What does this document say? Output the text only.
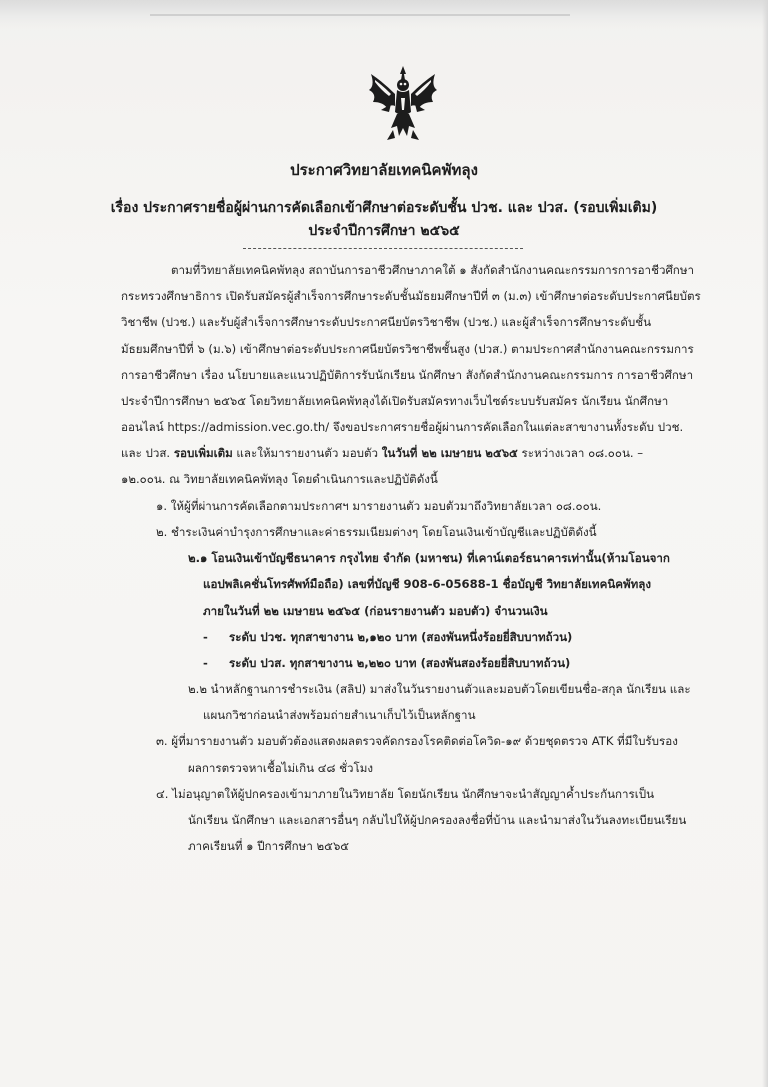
ประกาศวิทยาลัยเทคนิคพัทลุง

เรื่อง ประกาศรายชื่อผู้ผ่านการคัดเลือกเข้าศึกษาต่อระดับชั้น ปวช. และ ปวส. (รอบเพิ่มเติม)

ประจำปีการศึกษา ๒๕๖๕

ตามที่วิทยาลัยเทคนิคพัทลุง สถาบันการอาชีวศึกษาภาคใต้ ๑ สังกัดสำนักงานคณะกรรมการการอาชีวศึกษา

กระทรวงศึกษาธิการ เปิดรับสมัครผู้สำเร็จการศึกษาระดับชั้นมัธยมศึกษาปีที่ ๓ (ม.๓) เข้าศึกษาต่อระดับประกาศนียบัตร

วิชาชีพ (ปวช.) และรับผู้สำเร็จการศึกษาระดับประกาศนียบัตรวิชาชีพ (ปวช.) และผู้สำเร็จการศึกษาระดับชั้น

มัธยมศึกษาปีที่ ๖ (ม.๖) เข้าศึกษาต่อระดับประกาศนียบัตรวิชาชีพชั้นสูง (ปวส.) ตามประกาศสำนักงานคณะกรรมการ

การอาชีวศึกษา เรื่อง นโยบายและแนวปฏิบัติการรับนักเรียน นักศึกษา สังกัดสำนักงานคณะกรรมการ การอาชีวศึกษา

ประจำปีการศึกษา ๒๕๖๕ โดยวิทยาลัยเทคนิคพัทลุงได้เปิดรับสมัครทางเว็บไซต์ระบบรับสมัคร นักเรียน นักศึกษา

ออนไลน์ https://admission.vec.go.th/ จึงขอประกาศรายชื่อผู้ผ่านการคัดเลือกในแต่ละสาขางานทั้งระดับ ปวช.

และ ปวส. รอบเพิ่มเติม และให้มารายงานตัว มอบตัว ในวันที่ ๒๒ เมษายน ๒๕๖๕ ระหว่างเวลา ๐๘.๐๐น. –

๑๒.๐๐น. ณ วิทยาลัยเทคนิคพัทลุง โดยดำเนินการและปฏิบัติดังนี้

๑. ให้ผู้ที่ผ่านการคัดเลือกตามประกาศฯ มารายงานตัว มอบตัวมาถึงวิทยาลัยเวลา ๐๘.๐๐น.

๒. ชำระเงินค่าบำรุงการศึกษาและค่าธรรมเนียมต่างๆ โดยโอนเงินเข้าบัญชีและปฏิบัติดังนี้

๒.๑ โอนเงินเข้าบัญชีธนาคาร กรุงไทย จำกัด (มหาชน) ที่เคาน์เตอร์ธนาคารเท่านั้น(ห้ามโอนจาก

แอปพลิเคชั่นโทรศัพท์มือถือ) เลขที่บัญชี 908-6-05688-1 ชื่อบัญชี วิทยาลัยเทคนิคพัทลุง

ภายในวันที่ ๒๒ เมษายน ๒๕๖๕ (ก่อนรายงานตัว มอบตัว) จำนวนเงิน

- ระดับ ปวช. ทุกสาขางาน ๒,๑๒๐ บาท (สองพันหนึ่งร้อยยี่สิบบาทถ้วน)

- ระดับ ปวส. ทุกสาขางาน ๒,๒๒๐ บาท (สองพันสองร้อยยี่สิบบาทถ้วน)

๒.๒ นำหลักฐานการชำระเงิน (สลิป) มาส่งในวันรายงานตัวและมอบตัวโดยเขียนชื่อ-สกุล นักเรียน และ

แผนกวิชาก่อนนำส่งพร้อมถ่ายสำเนาเก็บไว้เป็นหลักฐาน

๓. ผู้ที่มารายงานตัว มอบตัวต้องแสดงผลตรวจคัดกรองโรคติดต่อโควิด-๑๙ ด้วยชุดตรวจ ATK ที่มีใบรับรอง

ผลการตรวจหาเชื้อไม่เกิน ๔๘ ชั่วโมง

๔. ไม่อนุญาตให้ผู้ปกครองเข้ามาภายในวิทยาลัย โดยนักเรียน นักศึกษาจะนำสัญญาค้ำประกันการเป็น

นักเรียน นักศึกษา และเอกสารอื่นๆ กลับไปให้ผู้ปกครองลงชื่อที่บ้าน และนำมาส่งในวันลงทะเบียนเรียน

ภาคเรียนที่ ๑ ปีการศึกษา ๒๕๖๕
